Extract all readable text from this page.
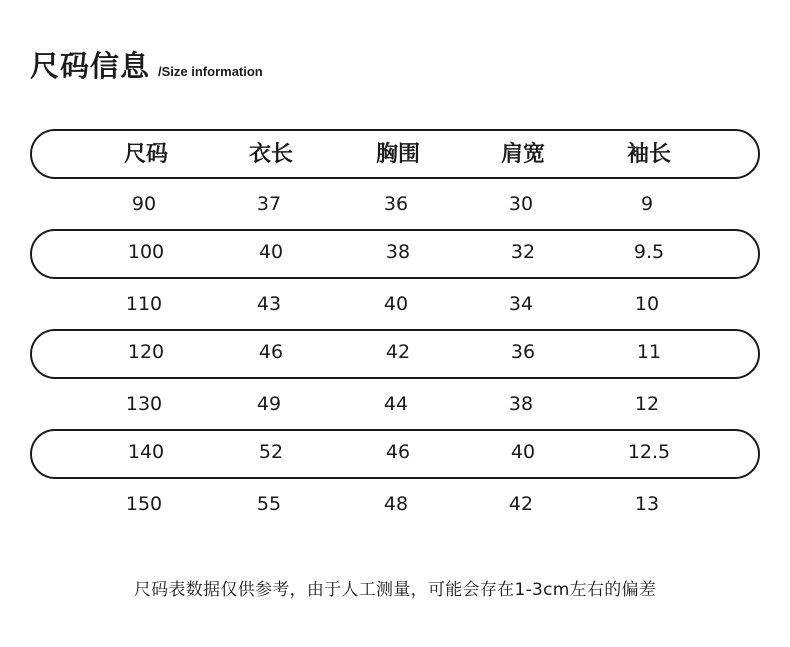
尺码信息 /Size information
尺码	衣长	胸围	肩宽	袖长
90	37	36	30	9
100	40	38	32	9.5
110	43	40	34	10
120	46	42	36	11
130	49	44	38	12
140	52	46	40	12.5
150	55	48	42	13
尺码表数据仅供参考，由于人工测量，可能会存在1-3cm左右的偏差
